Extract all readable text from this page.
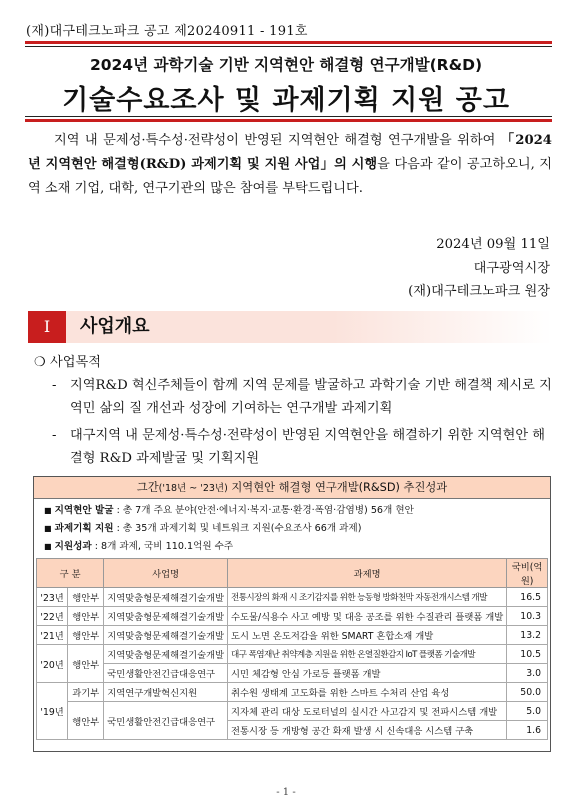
(재)대구테크노파크 공고 제20240911 - 191호
2024년 과학기술 기반 지역현안 해결형 연구개발(R&D)
기술수요조사 및 과제기획 지원 공고

지역 내 문제성·특수성·전략성이 반영된 지역현안 해결형 연구개발을 위하여 「2024년 지역현안 해결형(R&D) 과제기획 및 지원 사업」의 시행을 다음과 같이 공고하오니, 지역 소재 기업, 대학, 연구기관의 많은 참여를 부탁드립니다.

2024년 09월 11일
대구광역시장
(재)대구테크노파크 원장
I	사업개요
❍ 사업목적
-	지역R&D 혁신주체들이 함께 지역 문제를 발굴하고 과학기술 기반 해결책 제시로 지역민 삶의 질 개선과 성장에 기여하는 연구개발 과제기획
-	대구지역 내 문제성·특수성·전략성이 반영된 지역현안을 해결하기 위한 지역현안 해결형 R&D 과제발굴 및 기획지원
그간('18년 ~ '23년) 지역현안 해결형 연구개발(R&SD) 추진성과
■ 지역현안 발굴 : 총 7개 주요 분야(안전·에너지·복지·교통·환경·폭염·감염병) 56개 현안
■ 과제기획 지원 : 총 35개 과제기획 및 네트워크 지원(수요조사 66개 과제)
■ 지원성과 : 8개 과제, 국비 110.1억원 수주
구 분		사업명	과제명	국비(억원)
'23년	행안부	지역맞춤형문제해결기술개발	전통시장의 화재 시 조기감지를 위한 능동형 방화천막 자동전개시스템 개발	16.5
'22년	행안부	지역맞춤형문제해결기술개발	수도물/식용수 사고 예방 및 대응 공조를 위한 수질관리 플랫폼 개발	10.3
'21년	행안부	지역맞춤형문제해결기술개발	도시 노면 온도저감을 위한 SMART 혼합소재 개발	13.2
'20년	행안부	지역맞춤형문제해결기술개발	대구 폭염재난 취약계층 지원을 위한 온열질환감지 IoT 플랫폼 기술개발	10.5
		국민생활안전긴급대응연구	시민 체감형 안심 가로등 플랫폼 개발	3.0
'19년	과기부	지역연구개발혁신지원	취수원 생태계 고도화를 위한 스마트 수처리 산업 육성	50.0
	행안부	국민생활안전긴급대응연구	지자체 관리 대상 도로터널의 실시간 사고감지 및 전파시스템 개발	5.0
			전통시장 등 개방형 공간 화재 발생 시 신속대응 시스템 구축	1.6
- 1 -
